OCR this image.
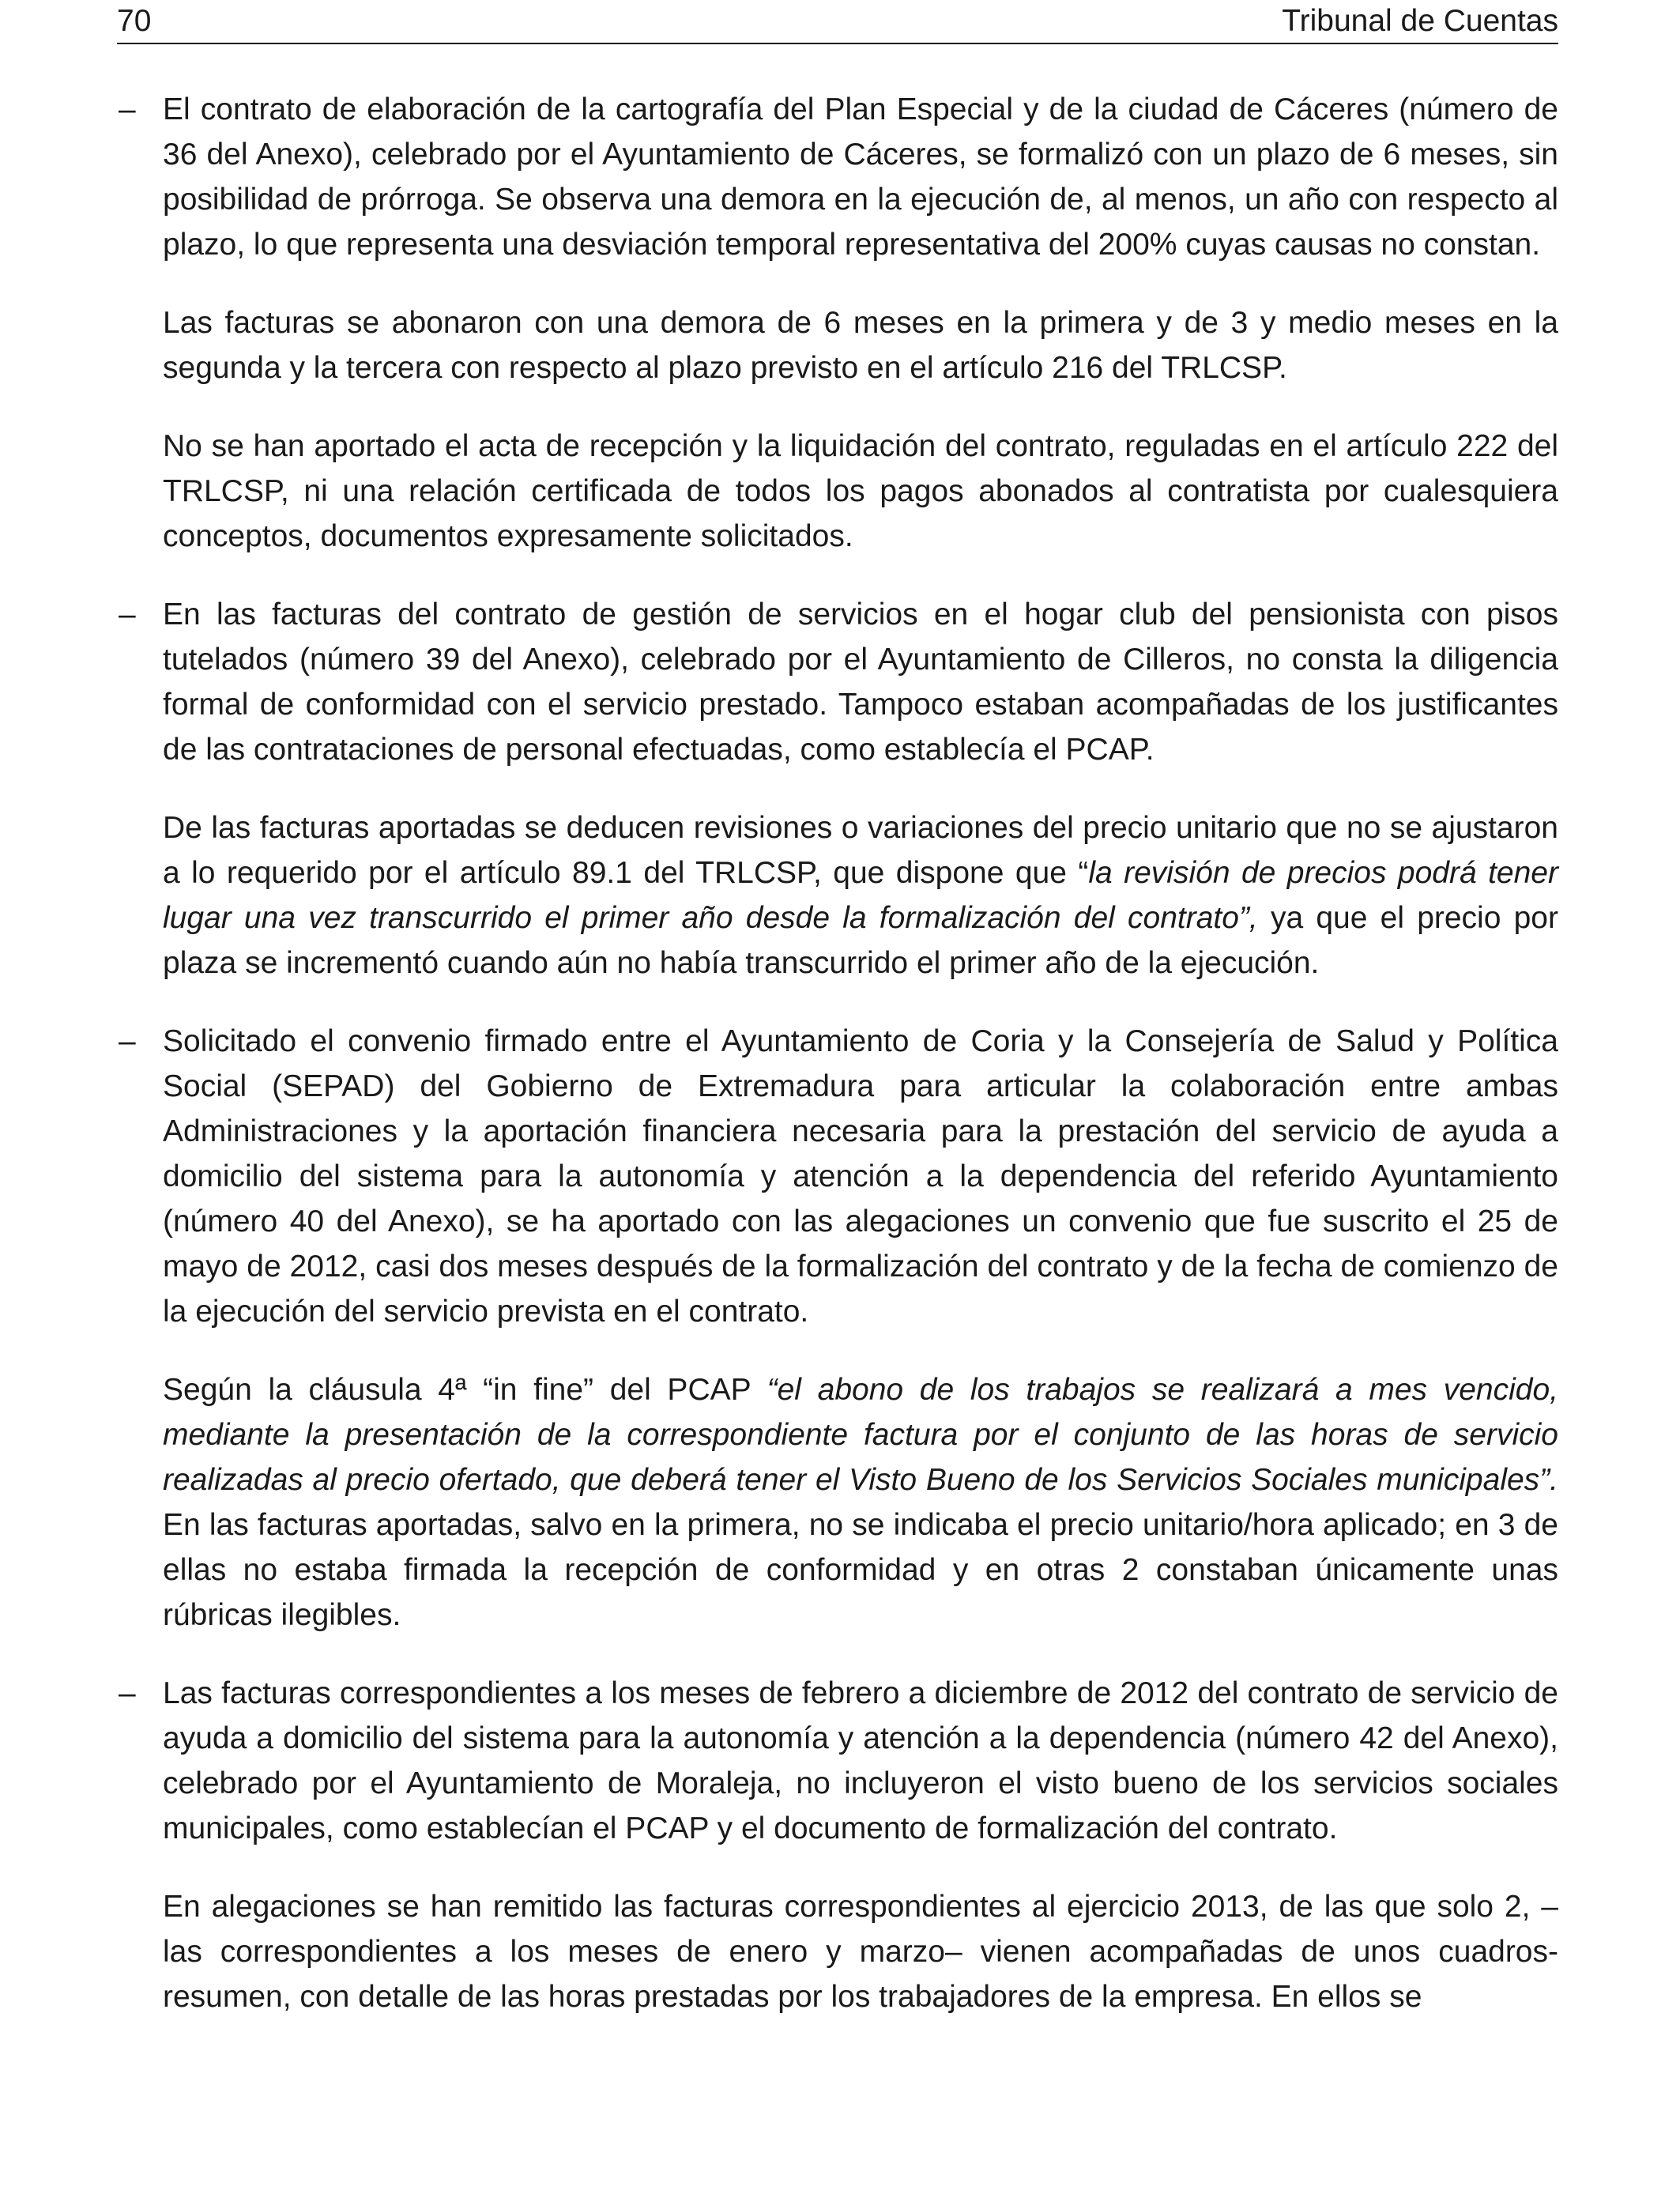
70	Tribunal de Cuentas

– El contrato de elaboración de la cartografía del Plan Especial y de la ciudad de Cáceres (número de 36 del Anexo), celebrado por el Ayuntamiento de Cáceres, se formalizó con un plazo de 6 meses, sin posibilidad de prórroga. Se observa una demora en la ejecución de, al menos, un año con respecto al plazo, lo que representa una desviación temporal representativa del 200% cuyas causas no constan.

Las facturas se abonaron con una demora de 6 meses en la primera y de 3 y medio meses en la segunda y la tercera con respecto al plazo previsto en el artículo 216 del TRLCSP.

No se han aportado el acta de recepción y la liquidación del contrato, reguladas en el artículo 222 del TRLCSP, ni una relación certificada de todos los pagos abonados al contratista por cualesquiera conceptos, documentos expresamente solicitados.

– En las facturas del contrato de gestión de servicios en el hogar club del pensionista con pisos tutelados (número 39 del Anexo), celebrado por el Ayuntamiento de Cilleros, no consta la diligencia formal de conformidad con el servicio prestado. Tampoco estaban acompañadas de los justificantes de las contrataciones de personal efectuadas, como establecía el PCAP.

De las facturas aportadas se deducen revisiones o variaciones del precio unitario que no se ajustaron a lo requerido por el artículo 89.1 del TRLCSP, que dispone que “la revisión de precios podrá tener lugar una vez transcurrido el primer año desde la formalización del contrato”, ya que el precio por plaza se incrementó cuando aún no había transcurrido el primer año de la ejecución.

– Solicitado el convenio firmado entre el Ayuntamiento de Coria y la Consejería de Salud y Política Social (SEPAD) del Gobierno de Extremadura para articular la colaboración entre ambas Administraciones y la aportación financiera necesaria para la prestación del servicio de ayuda a domicilio del sistema para la autonomía y atención a la dependencia del referido Ayuntamiento (número 40 del Anexo), se ha aportado con las alegaciones un convenio que fue suscrito el 25 de mayo de 2012, casi dos meses después de la formalización del contrato y de la fecha de comienzo de la ejecución del servicio prevista en el contrato.

Según la cláusula 4ª “in fine” del PCAP “el abono de los trabajos se realizará a mes vencido, mediante la presentación de la correspondiente factura por el conjunto de las horas de servicio realizadas al precio ofertado, que deberá tener el Visto Bueno de los Servicios Sociales municipales”. En las facturas aportadas, salvo en la primera, no se indicaba el precio unitario/hora aplicado; en 3 de ellas no estaba firmada la recepción de conformidad y en otras 2 constaban únicamente unas rúbricas ilegibles.

– Las facturas correspondientes a los meses de febrero a diciembre de 2012 del contrato de servicio de ayuda a domicilio del sistema para la autonomía y atención a la dependencia (número 42 del Anexo), celebrado por el Ayuntamiento de Moraleja, no incluyeron el visto bueno de los servicios sociales municipales, como establecían el PCAP y el documento de formalización del contrato.

En alegaciones se han remitido las facturas correspondientes al ejercicio 2013, de las que solo 2, –las correspondientes a los meses de enero y marzo– vienen acompañadas de unos cuadros-resumen, con detalle de las horas prestadas por los trabajadores de la empresa. En ellos se
